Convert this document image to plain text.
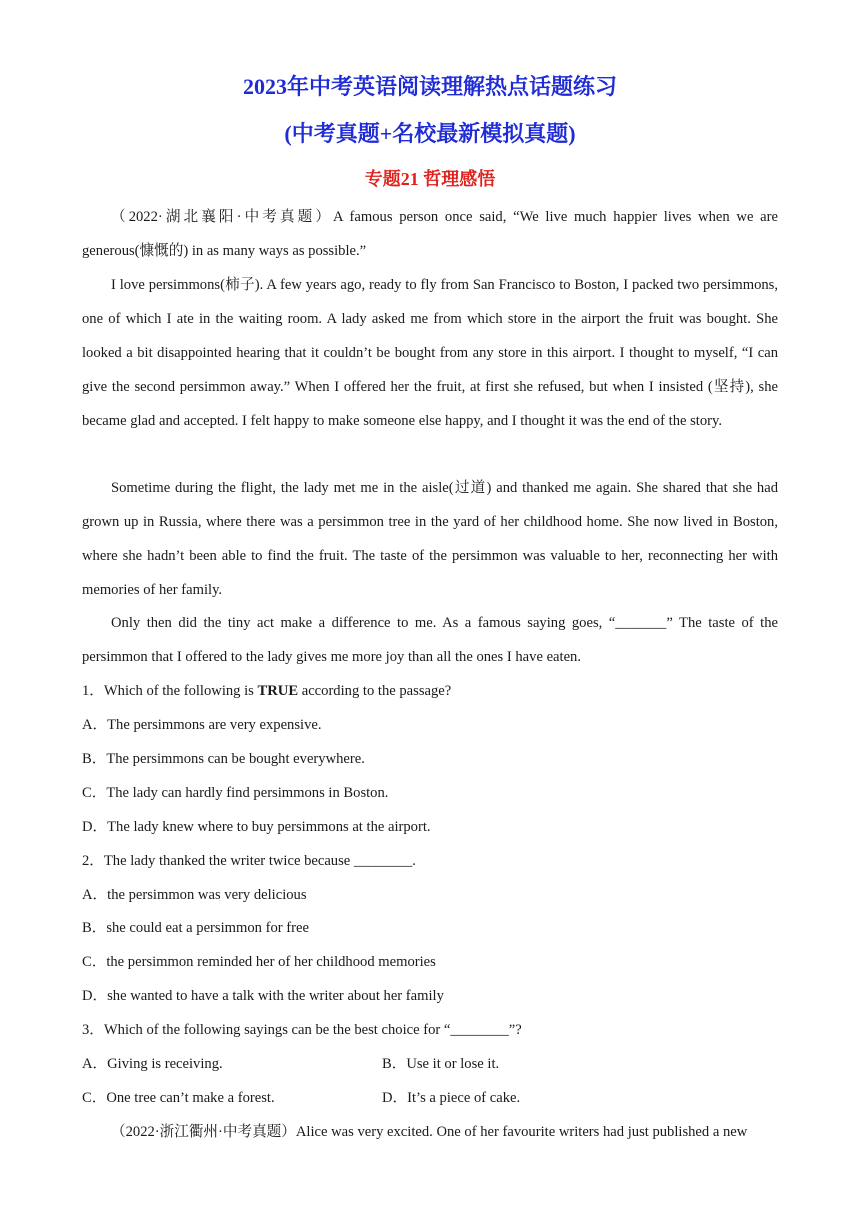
2023年中考英语阅读理解热点话题练习
(中考真题+名校最新模拟真题)
专题21 哲理感悟
（2022·湖北襄阳·中考真题）A famous person once said, “We live much happier lives when we are generous(慷慨的) in as many ways as possible.”
I love persimmons(柿子). A few years ago, ready to fly from San Francisco to Boston, I packed two persimmons, one of which I ate in the waiting room. A lady asked me from which store in the airport the fruit was bought. She looked a bit disappointed hearing that it couldn’t be bought from any store in this airport. I thought to myself, “I can give the second persimmon away.” When I offered her the fruit, at first she refused, but when I insisted (坚持), she became glad and accepted. I felt happy to make someone else happy, and I thought it was the end of the story.
Sometime during the flight, the lady met me in the aisle(过道) and thanked me again. She shared that she had grown up in Russia, where there was a persimmon tree in the yard of her childhood home. She now lived in Boston, where she hadn’t been able to find the fruit. The taste of the persimmon was valuable to her, reconnecting her with memories of her family.
Only then did the tiny act make a difference to me. As a famous saying goes, “_______” The taste of the persimmon that I offered to the lady gives me more joy than all the ones I have eaten.
1．Which of the following is TRUE according to the passage?
A．The persimmons are very expensive.
B．The persimmons can be bought everywhere.
C．The lady can hardly find persimmons in Boston.
D．The lady knew where to buy persimmons at the airport.
2．The lady thanked the writer twice because ________.
A．the persimmon was very delicious
B．she could eat a persimmon for free
C．the persimmon reminded her of her childhood memories
D．she wanted to have a talk with the writer about her family
3．Which of the following sayings can be the best choice for “________”?
A．Giving is receiving.	B．Use it or lose it.
C．One tree can’t make a forest.	D．It’s a piece of cake.
（2022·浙江衢州·中考真题）Alice was very excited. One of her favourite writers had just published a new
